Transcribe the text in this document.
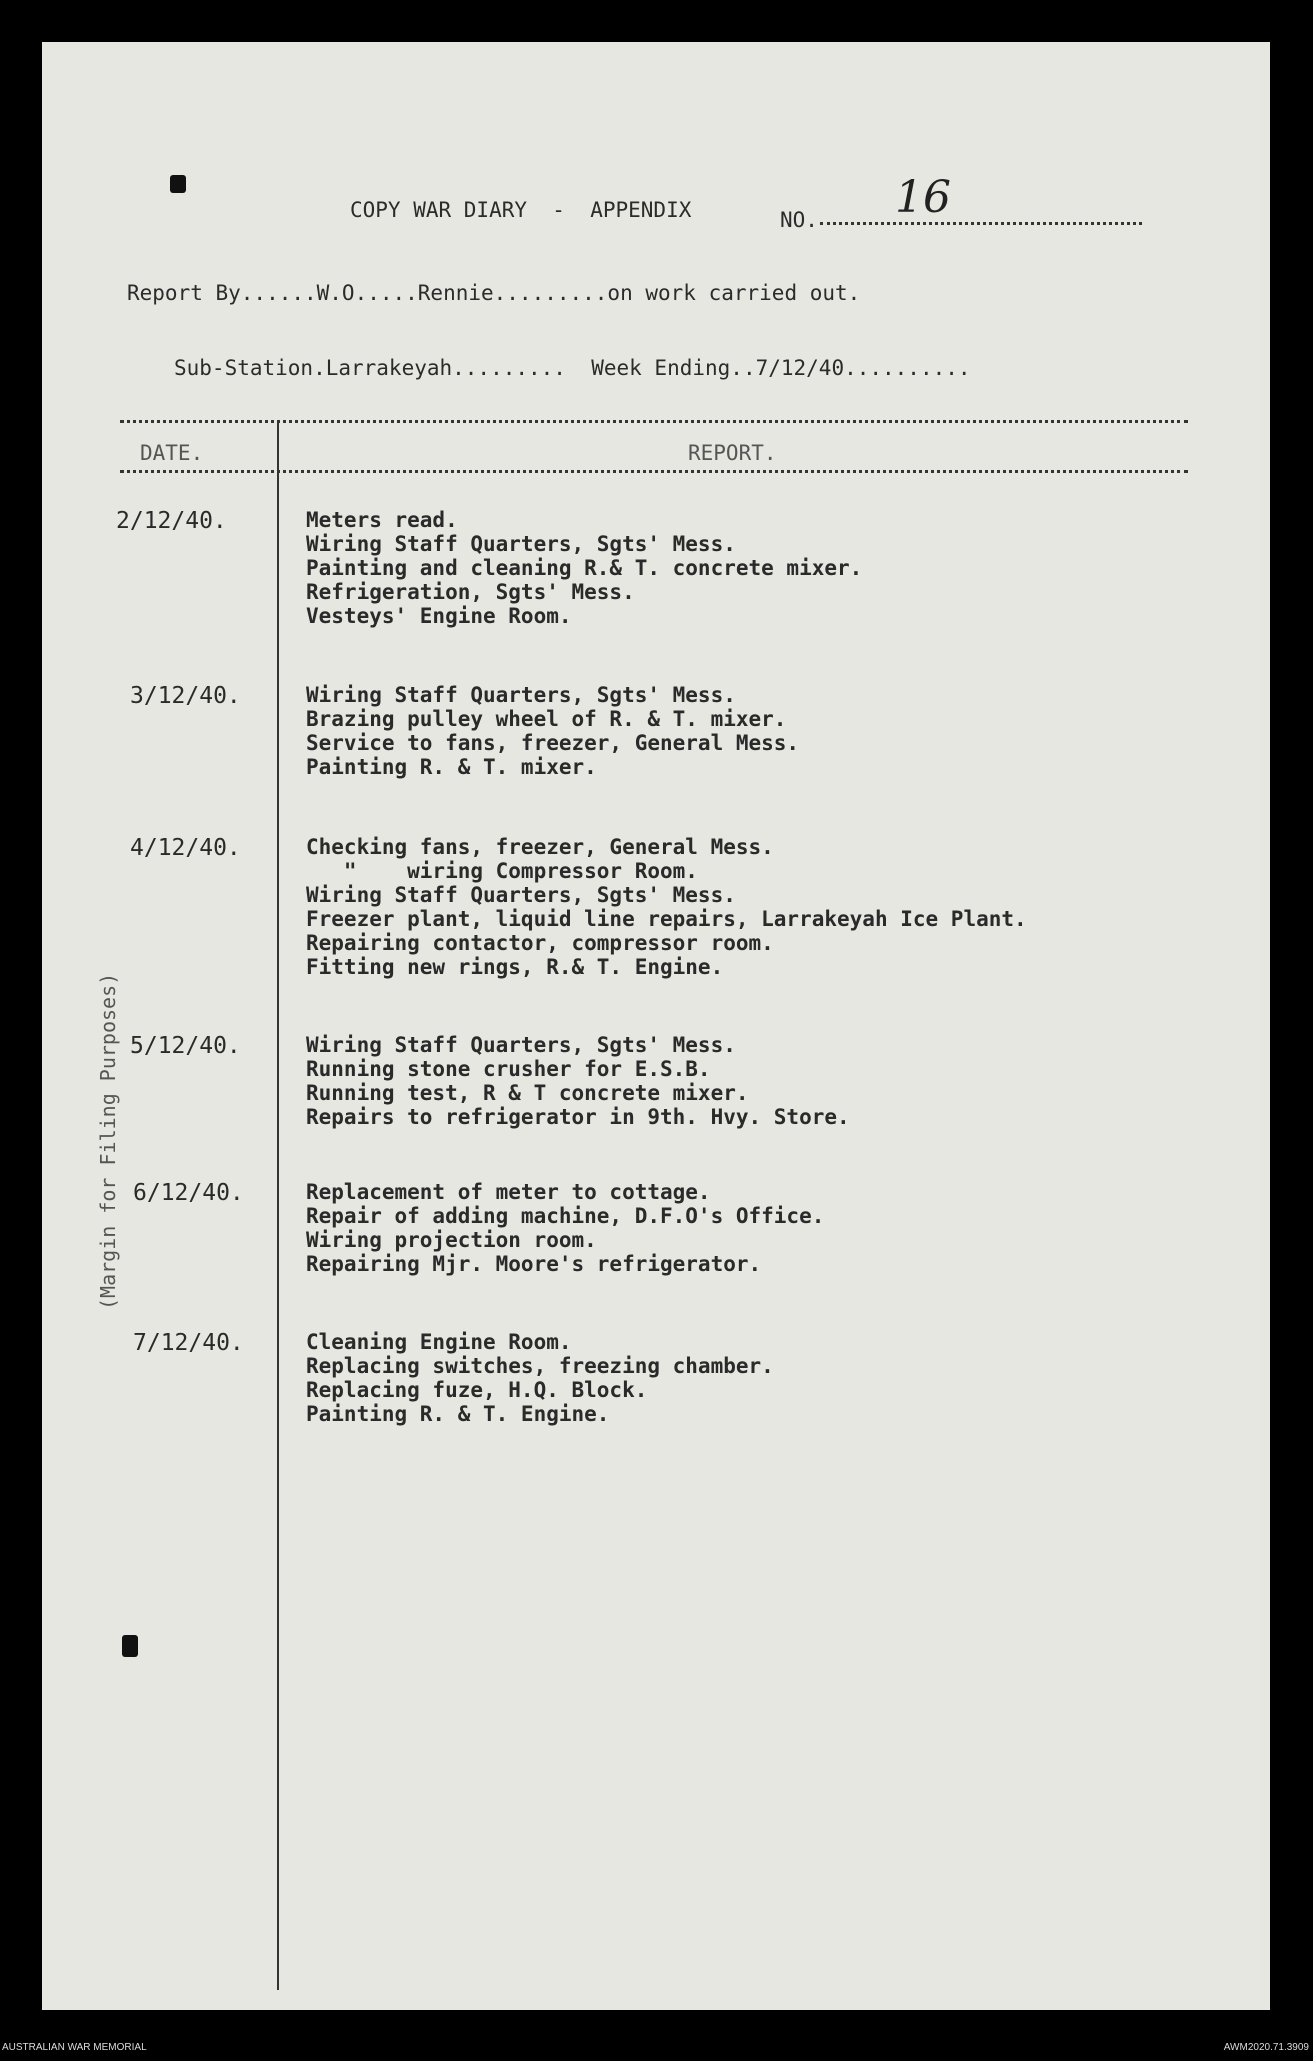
COPY WAR DIARY  -  APPENDIX	NO. 16
Report By......W.O.....Rennie.........on work carried out.
Sub-Station.Larrakeyah.........  Week Ending..7/12/40..........
DATE.	REPORT.
(Margin for Filing Purposes)
2/12/40.	Meters read.
Wiring Staff Quarters, Sgts' Mess.
Painting and cleaning R.& T. concrete mixer.
Refrigeration, Sgts' Mess.
Vesteys' Engine Room.
3/12/40.	Wiring Staff Quarters, Sgts' Mess.
Brazing pulley wheel of R. & T. mixer.
Service to fans, freezer, General Mess.
Painting R. & T. mixer.
4/12/40.	Checking fans, freezer, General Mess.
"    wiring Compressor Room.
Wiring Staff Quarters, Sgts' Mess.
Freezer plant, liquid line repairs, Larrakeyah Ice Plant.
Repairing contactor, compressor room.
Fitting new rings, R.& T. Engine.
5/12/40.	Wiring Staff Quarters, Sgts' Mess.
Running stone crusher for E.S.B.
Running test, R & T concrete mixer.
Repairs to refrigerator in 9th. Hvy. Store.
6/12/40.	Replacement of meter to cottage.
Repair of adding machine, D.F.O's Office.
Wiring projection room.
Repairing Mjr. Moore's refrigerator.
7/12/40.	Cleaning Engine Room.
Replacing switches, freezing chamber.
Replacing fuze, H.Q. Block.
Painting R. & T. Engine.
AUSTRALIAN WAR MEMORIAL	AWM2020.71.3909
